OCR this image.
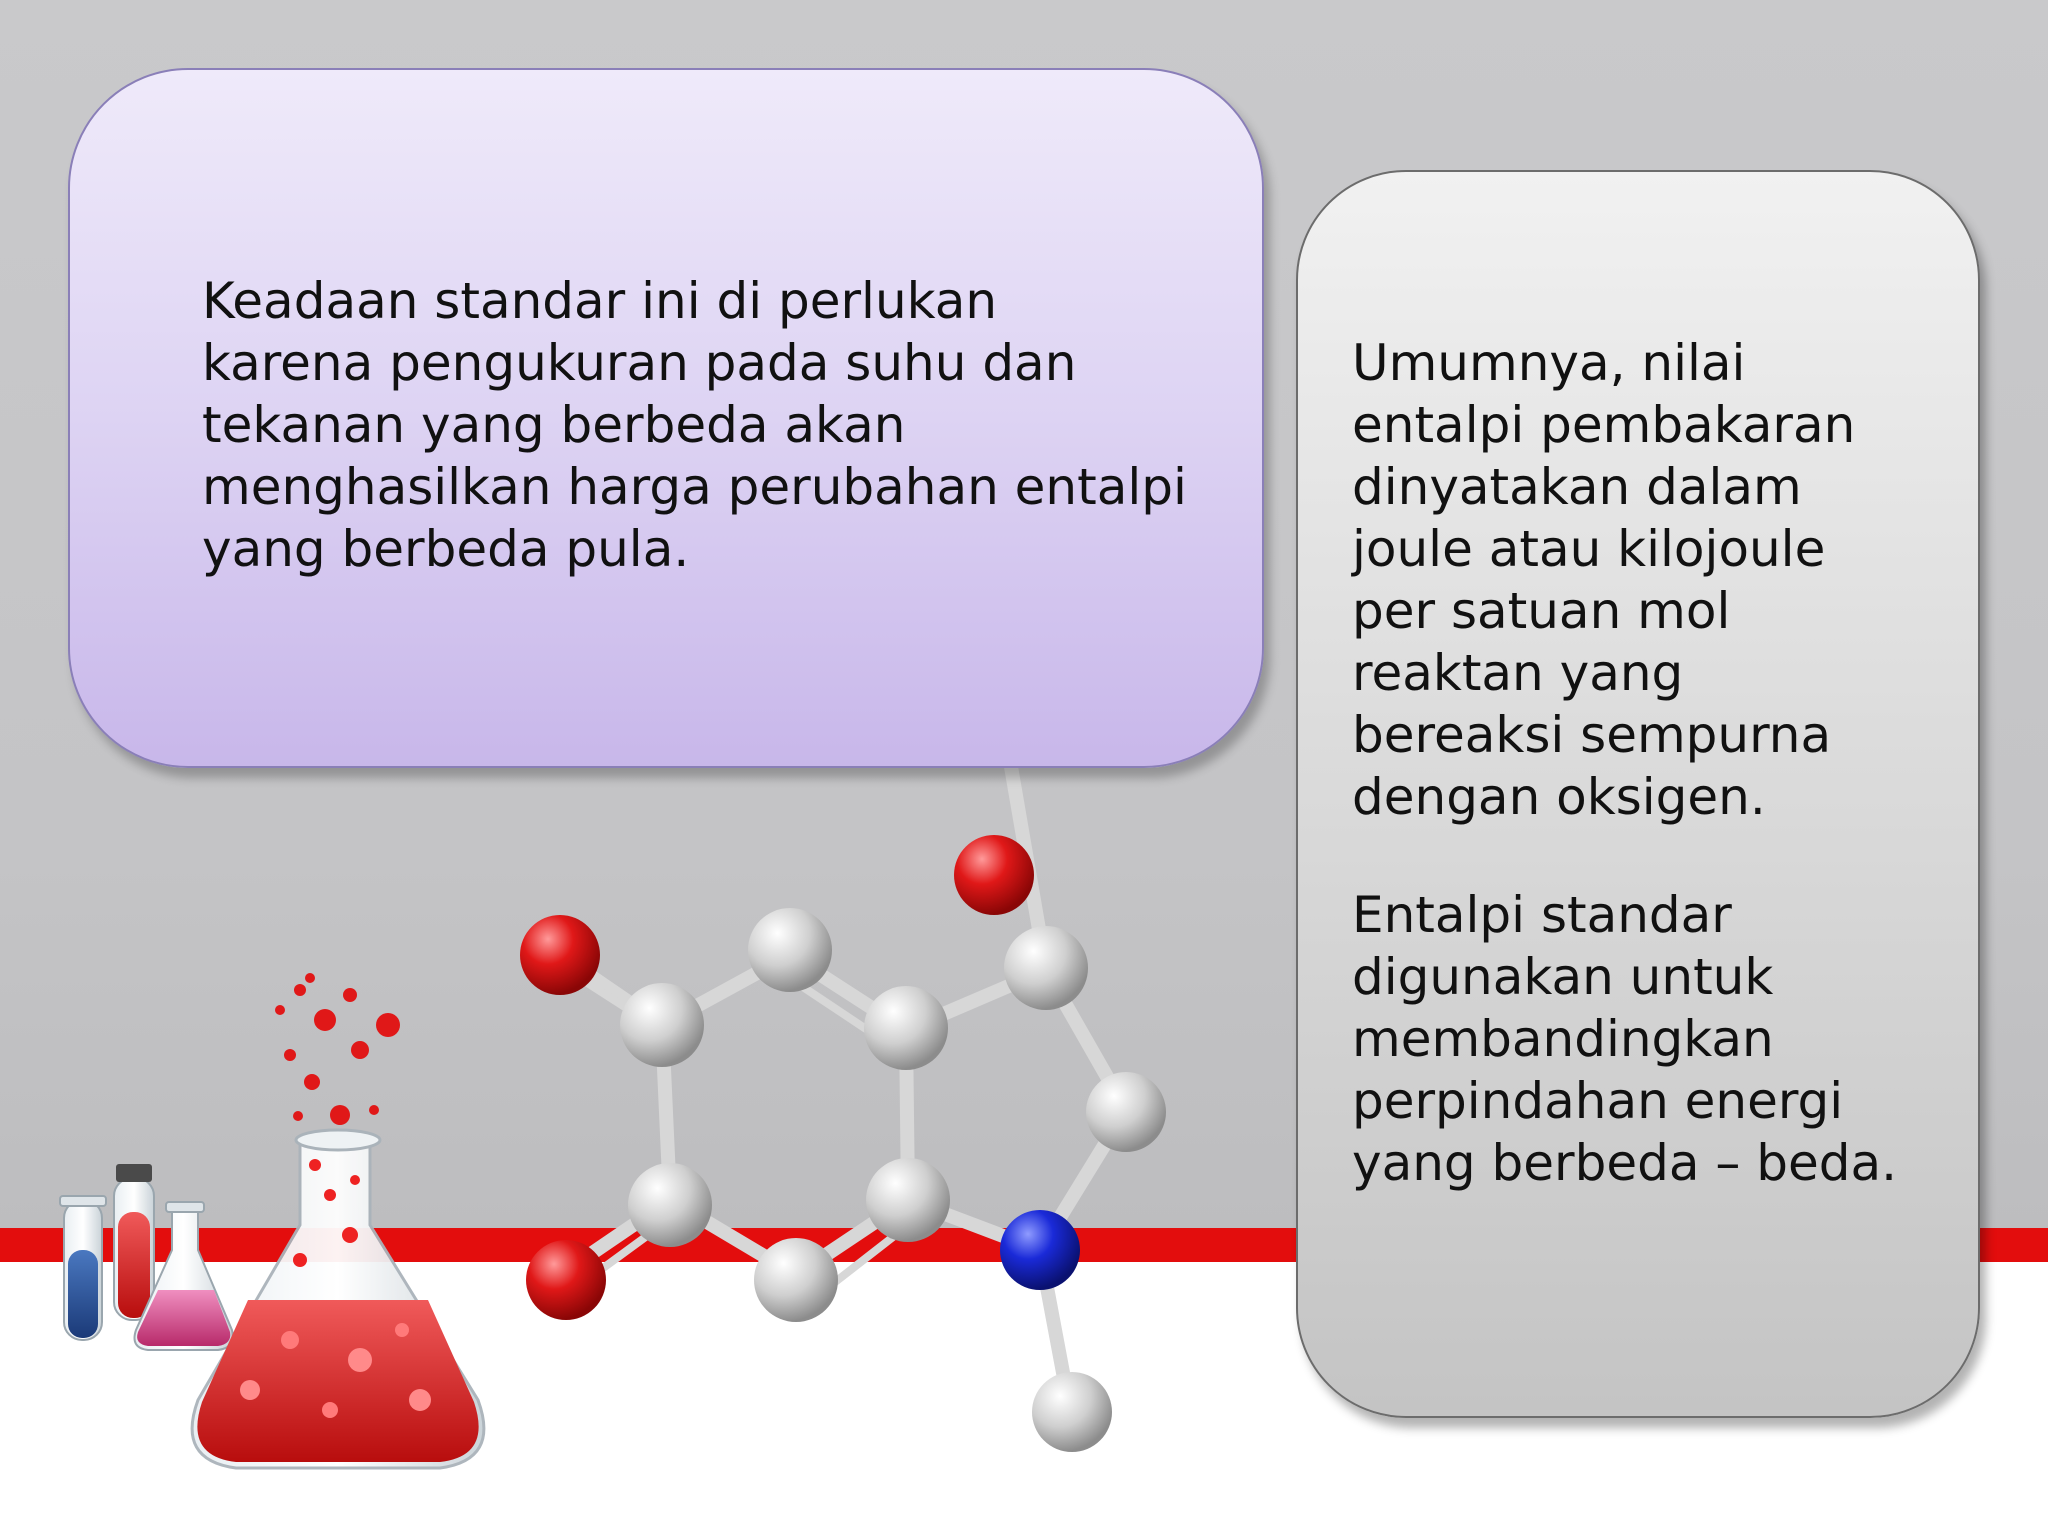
Keadaan standar ini di perlukan
karena pengukuran pada suhu dan
tekanan yang berbeda akan
menghasilkan harga perubahan entalpi
yang berbeda pula.
Umumnya, nilai
entalpi pembakaran
dinyatakan dalam
joule atau kilojoule
per satuan mol
reaktan yang
bereaksi sempurna
dengan oksigen.
Entalpi standar
digunakan untuk
membandingkan
perpindahan energi
yang berbeda – beda.
